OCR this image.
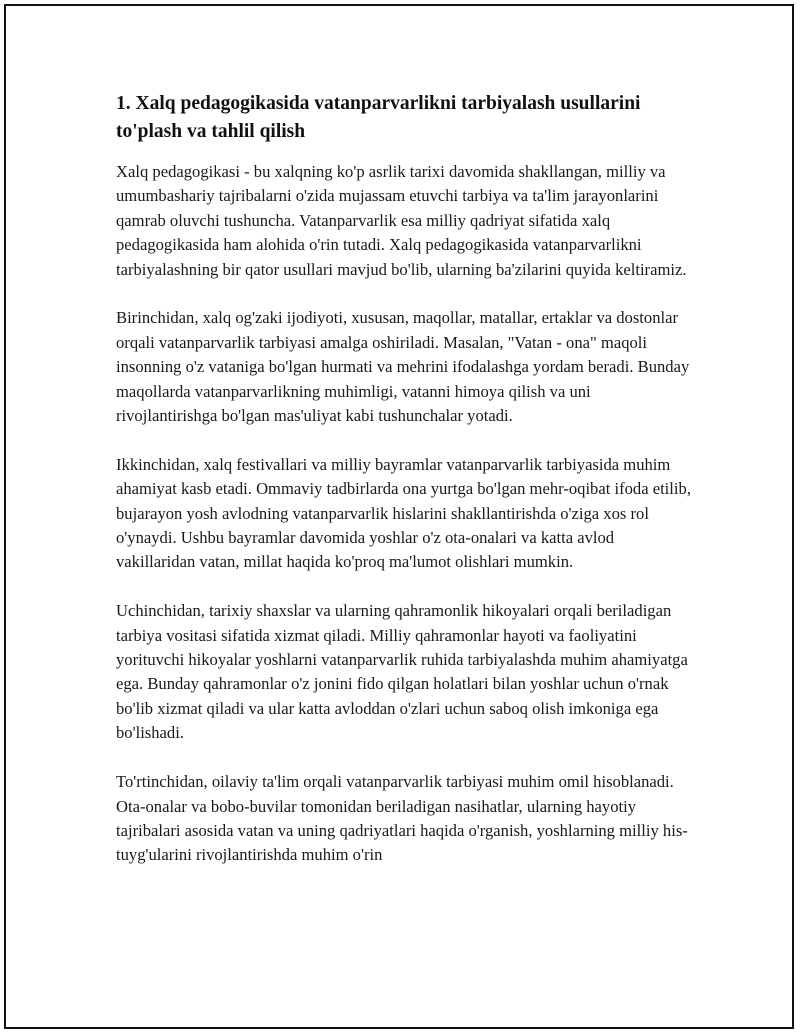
1. Xalq pedagogikasida vatanparvarlikni tarbiyalash usullarini to'plash va tahlil qilish

Xalq pedagogikasi - bu xalqning ko'p asrlik tarixi davomida shakllangan, milliy va umumbashariy tajribalarni o'zida mujassam etuvchi tarbiya va ta'lim jarayonlarini qamrab oluvchi tushuncha. Vatanparvarlik esa milliy qadriyat sifatida xalq pedagogikasida ham alohida o'rin tutadi. Xalq pedagogikasida vatanparvarlikni tarbiyalashning bir qator usullari mavjud bo'lib, ularning ba'zilarini quyida keltiramiz.

Birinchidan, xalq og'zaki ijodiyoti, xususan, maqollar, matallar, ertaklar va dostonlar orqali vatanparvarlik tarbiyasi amalga oshiriladi. Masalan, "Vatan - ona" maqoli insonning o'z vataniga bo'lgan hurmati va mehrini ifodalashga yordam beradi. Bunday maqollarda vatanparvarlikning muhimligi, vatanni himoya qilish va uni rivojlantirishga bo'lgan mas'uliyat kabi tushunchalar yotadi.

Ikkinchidan, xalq festivallari va milliy bayramlar vatanparvarlik tarbiyasida muhim ahamiyat kasb etadi. Ommaviy tadbirlarda ona yurtga bo'lgan mehr-oqibat ifoda etilib, bujarayon yosh avlodning vatanparvarlik hislarini shakllantirishda o'ziga xos rol o'ynaydi. Ushbu bayramlar davomida yoshlar o'z ota-onalari va katta avlod vakillaridan vatan, millat haqida ko'proq ma'lumot olishlari mumkin.

Uchinchidan, tarixiy shaxslar va ularning qahramonlik hikoyalari orqali beriladigan tarbiya vositasi sifatida xizmat qiladi. Milliy qahramonlar hayoti va faoliyatini yorituvchi hikoyalar yoshlarni vatanparvarlik ruhida tarbiyalashda muhim ahamiyatga ega. Bunday qahramonlar o'z jonini fido qilgan holatlari bilan yoshlar uchun o'rnak bo'lib xizmat qiladi va ular katta avloddan o'zlari uchun saboq olish imkoniga ega bo'lishadi.

To'rtinchidan, oilaviy ta'lim orqali vatanparvarlik tarbiyasi muhim omil hisoblanadi. Ota-onalar va bobo-buvilar tomonidan beriladigan nasihatlar, ularning hayotiy tajribalari asosida vatan va uning qadriyatlari haqida o'rganish, yoshlarning milliy his-tuyg'ularini rivojlantirishda muhim o'rin
